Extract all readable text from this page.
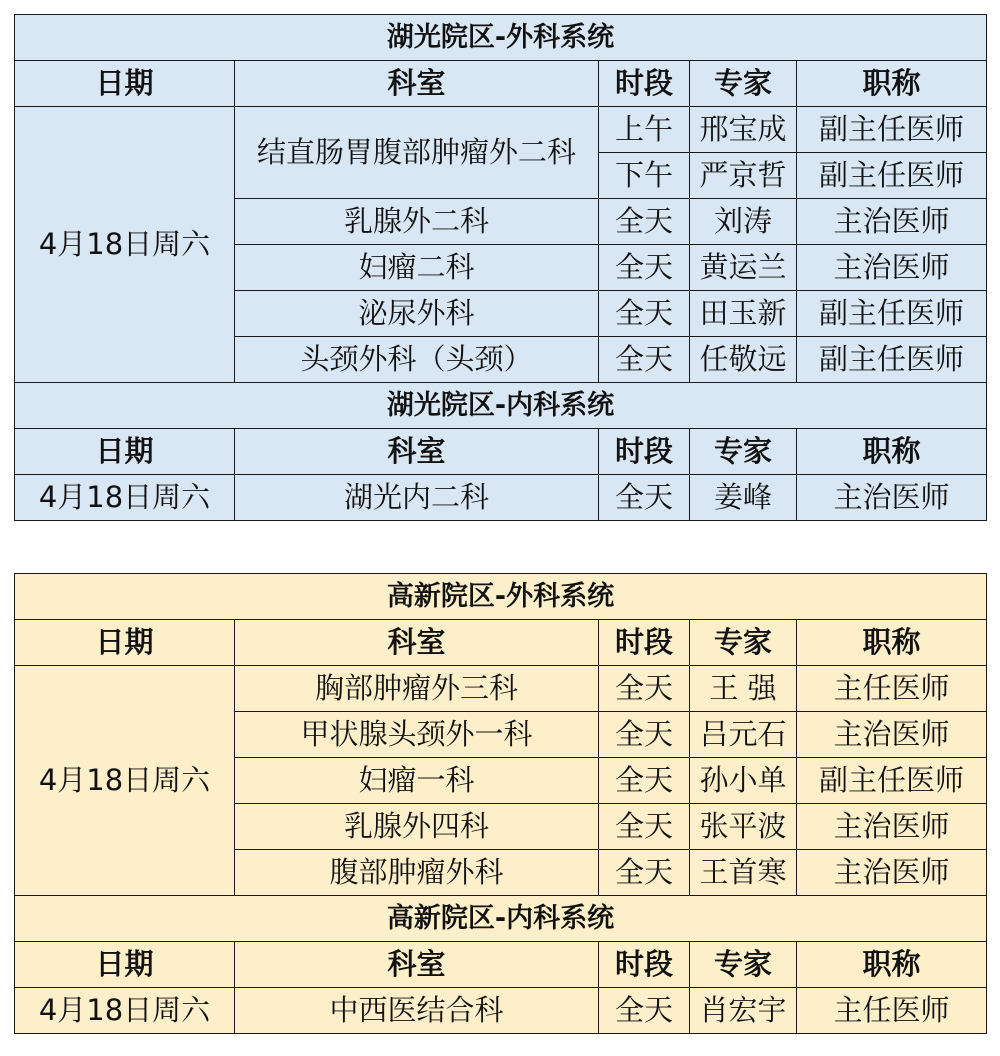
湖光院区-外科系统				
日期	科室	时段	专家	职称
4月18日周六	结直肠胃腹部肿瘤外二科	上午	邢宝成	副主任医师
		下午	严京哲	副主任医师
	乳腺外二科	全天	刘涛	主治医师
	妇瘤二科	全天	黄运兰	主治医师
	泌尿外科	全天	田玉新	副主任医师
	头颈外科（头颈）	全天	任敬远	副主任医师
湖光院区-内科系统				
日期	科室	时段	专家	职称
4月18日周六	湖光内二科	全天	姜峰	主治医师
高新院区-外科系统				
日期	科室	时段	专家	职称
4月18日周六	胸部肿瘤外三科	全天	王 强	主任医师
	甲状腺头颈外一科	全天	吕元石	主治医师
	妇瘤一科	全天	孙小单	副主任医师
	乳腺外四科	全天	张平波	主治医师
	腹部肿瘤外科	全天	王首寒	主治医师
高新院区-内科系统				
日期	科室	时段	专家	职称
4月18日周六	中西医结合科	全天	肖宏宇	主任医师
